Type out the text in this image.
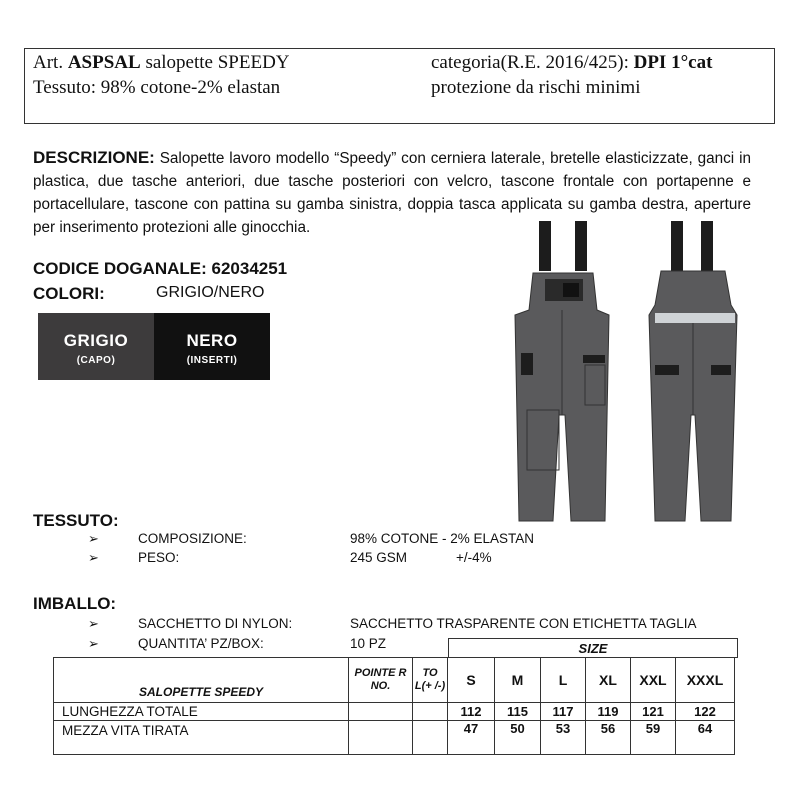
Art. ASPSAL salopette SPEEDY
Tessuto: 98% cotone-2% elastan
categoria(R.E. 2016/425): DPI 1°cat
protezione da rischi minimi
DESCRIZIONE: Salopette lavoro modello “Speedy” con cerniera laterale, bretelle elasticizzate, ganci in plastica, due tasche anteriori, due tasche posteriori con velcro, tascone frontale con portapenne e portacellulare, tascone con pattina su gamba sinistra, doppia tasca applicata su gamba destra, aperture per inserimento protezioni alle ginocchia.
CODICE DOGANALE: 62034251
COLORI:	GRIGIO/NERO
GRIGIO
(CAPO)
NERO
(INSERTI)
TESSUTO:
➢	COMPOSIZIONE:	98% COTONE - 2% ELASTAN
➢	PESO:	245 GSM	+/-4%
IMBALLO:
➢	SACCHETTO DI NYLON:	SACCHETTO TRASPARENTE CON ETICHETTA TAGLIA
➢	QUANTITA’ PZ/BOX:	10 PZ	SIZE
SALOPETTE SPEEDY	POINTE R NO.	TO L(+ /-)	S	M	L	XL	XXL	XXXL
LUNGHEZZA TOTALE			112	115	117	119	121	122
MEZZA VITA TIRATA			47	50	53	56	59	64
